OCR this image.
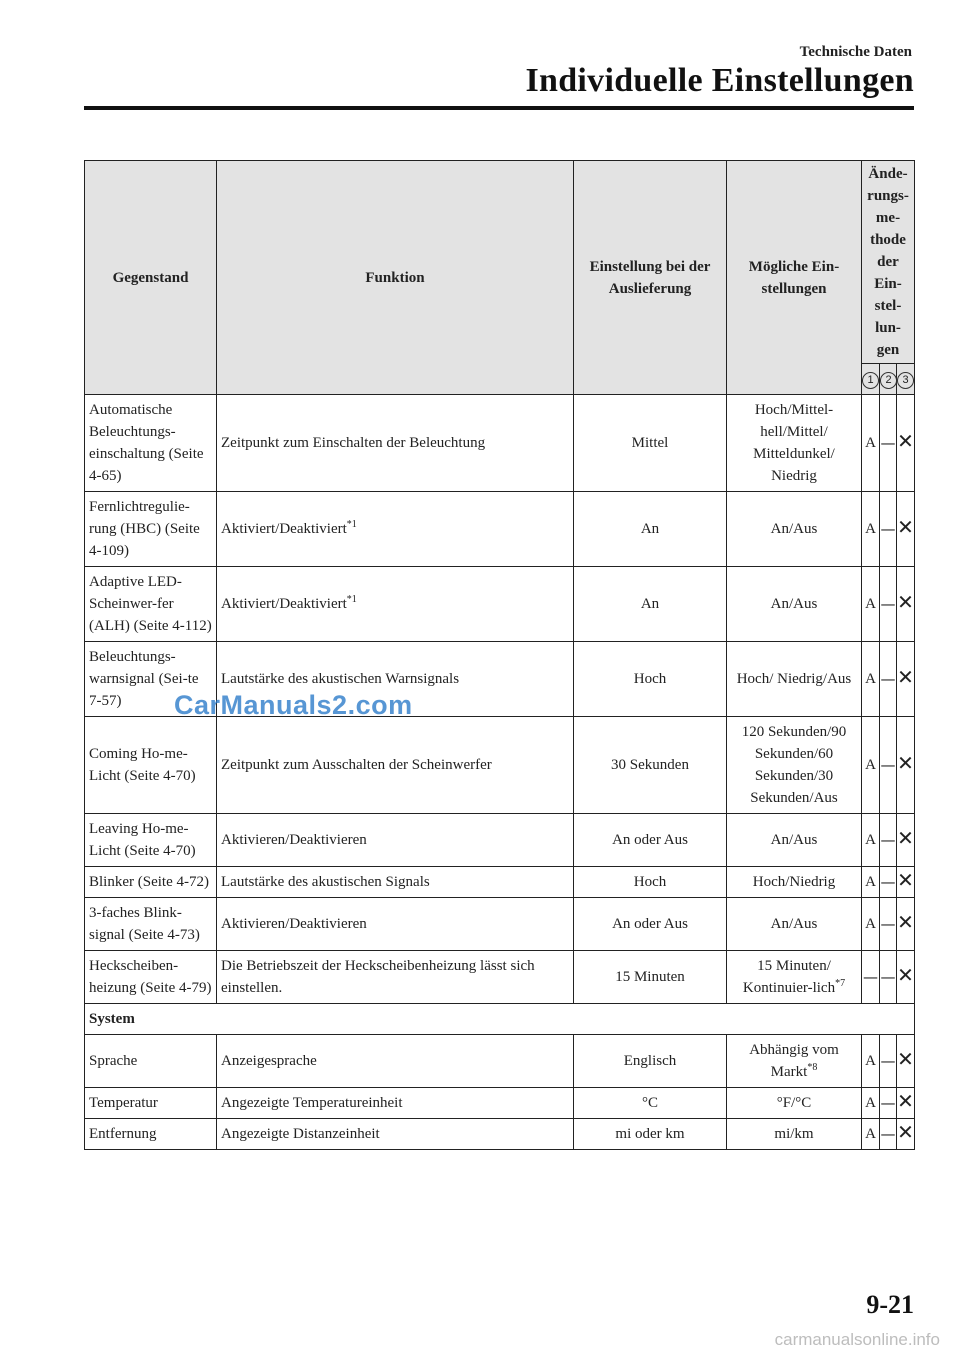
Technische Daten
Individuelle Einstellungen
Gegenstand	Funktion	Einstellung bei der Auslieferung	Mögliche Ein-stellungen	Ände-rungs-me-thode der Ein-stel-lun-gen		
				1	2	3
Automatische Beleuchtungs-einschaltung (Seite 4-65)	Zeitpunkt zum Einschalten der Beleuchtung	Mittel	Hoch/Mittel-hell/Mittel/ Mitteldunkel/ Niedrig	A	—	✕
Fernlichtregulie-rung (HBC) (Seite 4-109)	Aktiviert/Deaktiviert$^{*1}$	An	An/Aus	A	—	✕
Adaptive LED-Scheinwer-fer (ALH) (Seite 4-112)	Aktiviert/Deaktiviert$^{*1}$	An	An/Aus	A	—	✕
Beleuchtungs-warnsignal (Sei-te 7-57)	Lautstärke des akustischen Warnsignals	Hoch	Hoch/ Niedrig/Aus	A	—	✕
Coming Ho-me-Licht (Seite 4-70)	Zeitpunkt zum Ausschalten der Scheinwerfer	30 Sekunden	120 Sekunden/90 Sekunden/60 Sekunden/30 Sekunden/Aus	A	—	✕
Leaving Ho-me-Licht (Seite 4-70)	Aktivieren/Deaktivieren	An oder Aus	An/Aus	A	—	✕
Blinker (Seite 4-72)	Lautstärke des akustischen Signals	Hoch	Hoch/Niedrig	A	—	✕
3-faches Blink-signal (Seite 4-73)	Aktivieren/Deaktivieren	An oder Aus	An/Aus	A	—	✕
Heckscheiben-heizung (Seite 4-79)	Die Betriebszeit der Heckscheibenheizung lässt sich einstellen.	15 Minuten	15 Minuten/ Kontinuier-lich$^{*7}$	—	—	✕
System						
Sprache	Anzeigesprache	Englisch	Abhängig vom Markt$^{*8}$	A	—	✕
Temperatur	Angezeigte Temperatureinheit	°C	°F/°C	A	—	✕
Entfernung	Angezeigte Distanzeinheit	mi oder km	mi/km	A	—	✕
CarManuals2.com
9-21
carmanualsonline.info
